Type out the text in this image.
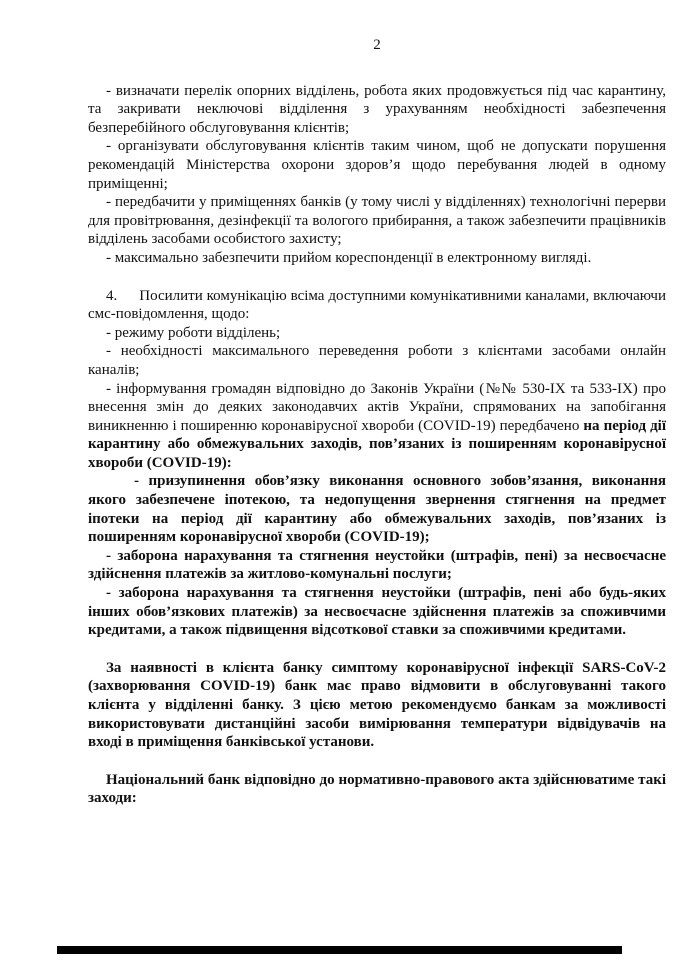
2

- визначати перелік опорних відділень, робота яких продовжується під час карантину, та закривати неключові відділення з урахуванням необхідності забезпечення безперебійного обслуговування клієнтів;

- організувати обслуговування клієнтів таким чином, щоб не допускати порушення рекомендацій Міністерства охорони здоров’я щодо перебування людей в одному приміщенні;

- передбачити у приміщеннях банків (у тому числі у відділеннях) технологічні перерви для провітрювання, дезінфекції та вологого прибирання, а також забезпечити працівників відділень засобами особистого захисту;

- максимально забезпечити прийом кореспонденції в електронному вигляді.

4. Посилити комунікацію всіма доступними комунікативними каналами, включаючи смс-повідомлення, щодо:

- режиму роботи відділень;

- необхідності максимального переведення роботи з клієнтами засобами онлайн каналів;

- інформування громадян відповідно до Законів України (№№ 530-IX та 533-IX) про внесення змін до деяких законодавчих актів України, спрямованих на запобігання виникненню і поширенню коронавірусної хвороби (COVID-19) передбачено на період дії карантину або обмежувальних заходів, пов’язаних із поширенням коронавірусної хвороби (COVID-19):

- призупинення обов’язку виконання основного зобов’язання, виконання якого забезпечене іпотекою, та недопущення звернення стягнення на предмет іпотеки на період дії карантину або обмежувальних заходів, пов’язаних із поширенням коронавірусної хвороби (COVID-19);

- заборона нарахування та стягнення неустойки (штрафів, пені) за несвоєчасне здійснення платежів за житлово-комунальні послуги;

- заборона нарахування та стягнення неустойки (штрафів, пені або будь-яких інших обов’язкових платежів) за несвоєчасне здійснення платежів за споживчими кредитами, а також підвищення відсоткової ставки за споживчими кредитами.

За наявності в клієнта банку симптому коронавірусної інфекції SARS-CoV-2 (захворювання COVID-19) банк має право відмовити в обслуговуванні такого клієнта у відділенні банку. З цією метою рекомендуємо банкам за можливості використовувати дистанційні засоби вимірювання температури відвідувачів на вході в приміщення банківської установи.

Національний банк відповідно до нормативно-правового акта здійснюватиме такі заходи:
